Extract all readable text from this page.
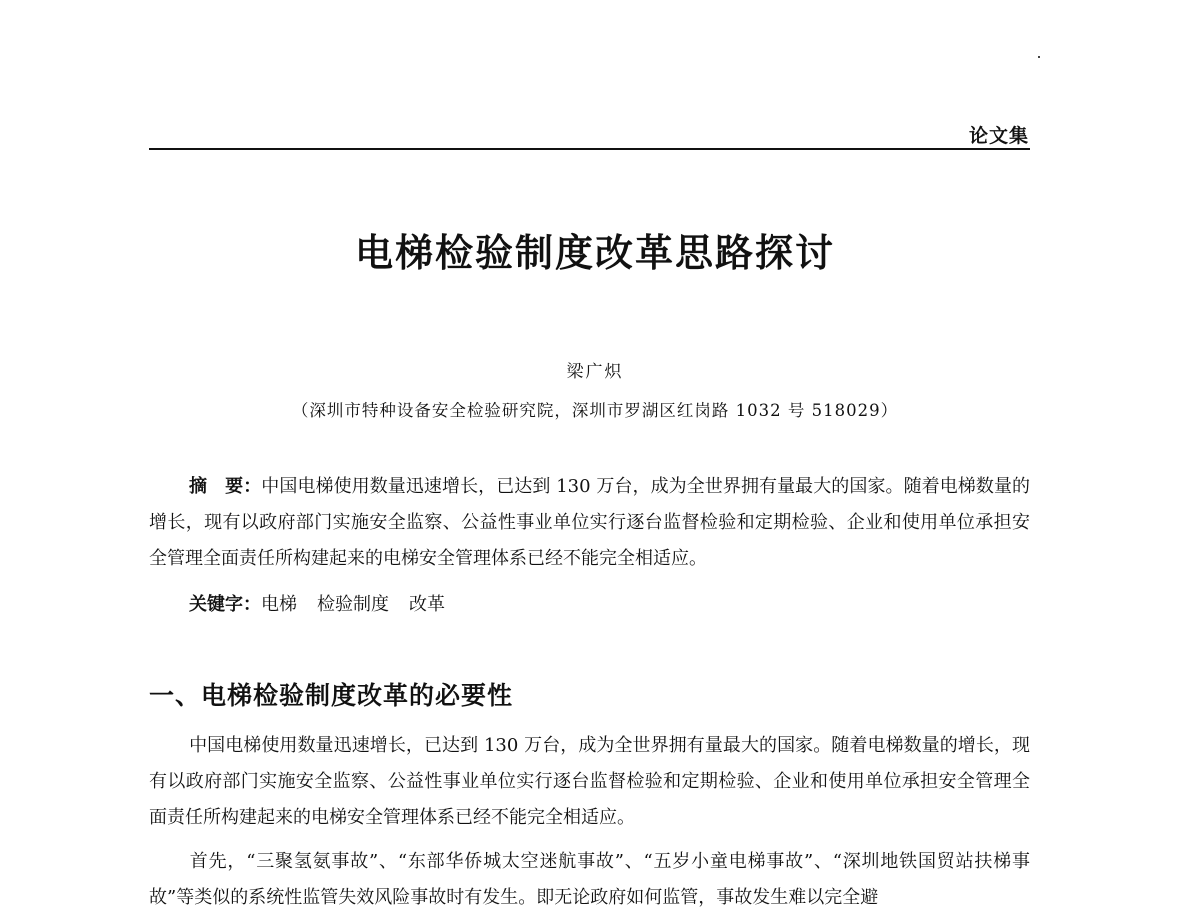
论文集
电梯检验制度改革思路探讨
梁广炽
（深圳市特种设备安全检验研究院，深圳市罗湖区红岗路 1032 号 518029）
摘　要：中国电梯使用数量迅速增长，已达到 130 万台，成为全世界拥有量最大的国家。随着电梯数量的增长，现有以政府部门实施安全监察、公益性事业单位实行逐台监督检验和定期检验、企业和使用单位承担安全管理全面责任所构建起来的电梯安全管理体系已经不能完全相适应。
关键字：电梯 检验制度 改革
一、电梯检验制度改革的必要性
中国电梯使用数量迅速增长，已达到 130 万台，成为全世界拥有量最大的国家。随着电梯数量的增长，现有以政府部门实施安全监察、公益性事业单位实行逐台监督检验和定期检验、企业和使用单位承担安全管理全面责任所构建起来的电梯安全管理体系已经不能完全相适应。
首先，“三聚氢氨事故”、“东部华侨城太空迷航事故”、“五岁小童电梯事故”、“深圳地铁国贸站扶梯事故”等类似的系统性监管失效风险事故时有发生。即无论政府如何监管，事故发生难以完全避
